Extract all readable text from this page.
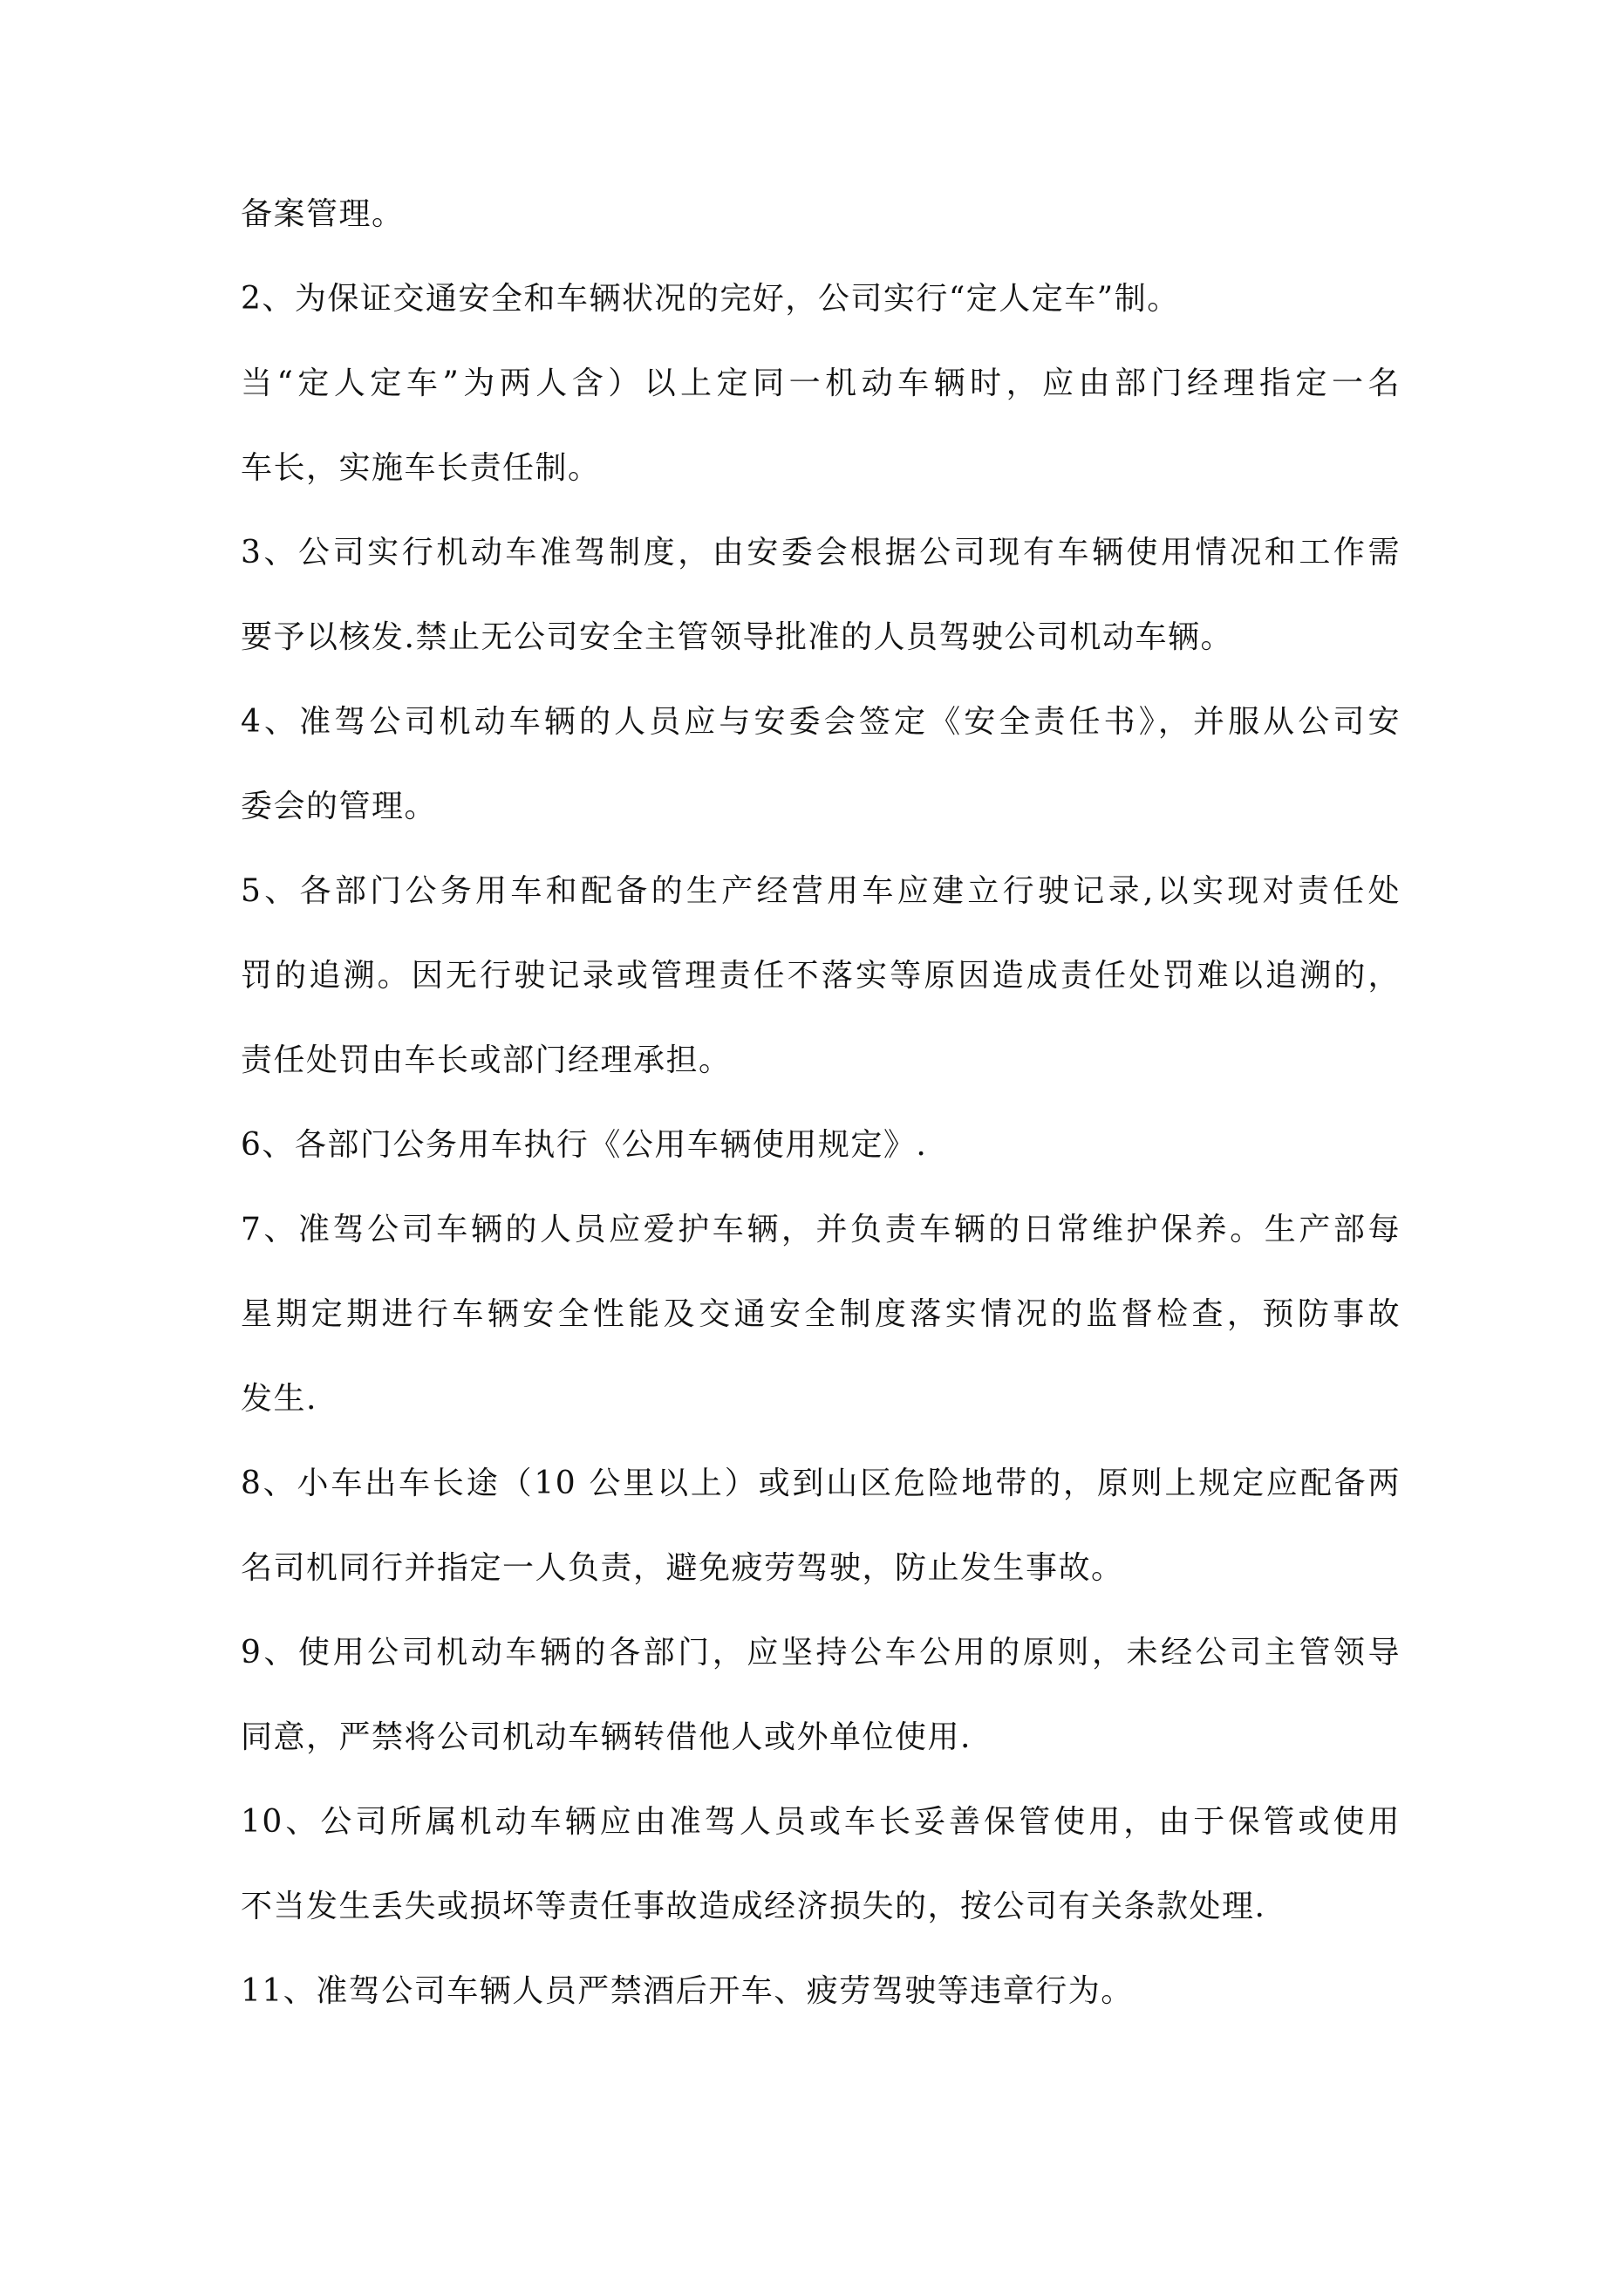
备案管理。

2、为保证交通安全和车辆状况的完好，公司实行“定人定车”制。

当“定人定车”为两人含）以上定同一机动车辆时，应由部门经理指定一名

车长，实施车长责任制。

3、公司实行机动车准驾制度，由安委会根据公司现有车辆使用情况和工作需

要予以核发.禁止无公司安全主管领导批准的人员驾驶公司机动车辆。

4、准驾公司机动车辆的人员应与安委会签定《安全责任书》，并服从公司安

委会的管理。

5、各部门公务用车和配备的生产经营用车应建立行驶记录,以实现对责任处

罚的追溯。因无行驶记录或管理责任不落实等原因造成责任处罚难以追溯的，

责任处罚由车长或部门经理承担。

6、各部门公务用车执行《公用车辆使用规定》.

7、准驾公司车辆的人员应爱护车辆，并负责车辆的日常维护保养。生产部每

星期定期进行车辆安全性能及交通安全制度落实情况的监督检查，预防事故

发生.

8、小车出车长途（10 公里以上）或到山区危险地带的，原则上规定应配备两

名司机同行并指定一人负责，避免疲劳驾驶，防止发生事故。

9、使用公司机动车辆的各部门，应坚持公车公用的原则，未经公司主管领导

同意，严禁将公司机动车辆转借他人或外单位使用.

10、公司所属机动车辆应由准驾人员或车长妥善保管使用，由于保管或使用

不当发生丢失或损坏等责任事故造成经济损失的，按公司有关条款处理.

11、准驾公司车辆人员严禁酒后开车、疲劳驾驶等违章行为。
